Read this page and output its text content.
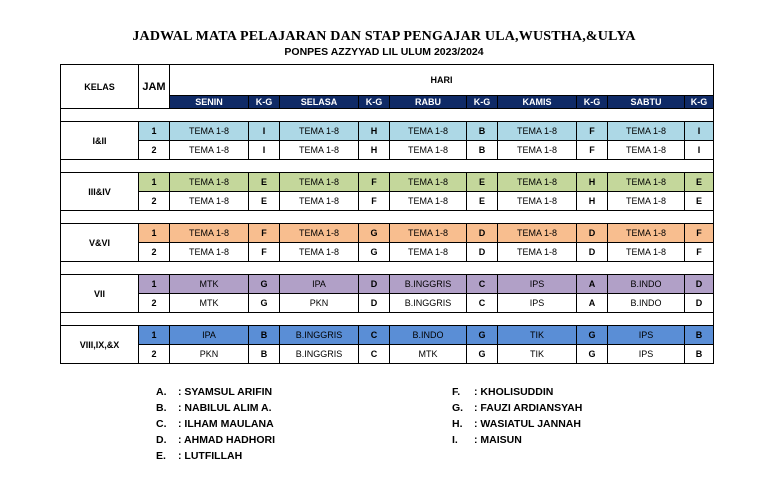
JADWAL MATA PELAJARAN DAN STAP PENGAJAR ULA,WUSTHA,&ULYA
PONPES AZZYYAD LIL ULUM 2023/2024
KELAS	JAM	HARI									
		SENIN	K-G	SELASA	K-G	RABU	K-G	KAMIS	K-G	SABTU	K-G

I&II	1	TEMA 1-8	I	TEMA 1-8	H	TEMA 1-8	B	TEMA 1-8	F	TEMA 1-8	I
	2	TEMA 1-8	I	TEMA 1-8	H	TEMA 1-8	B	TEMA 1-8	F	TEMA 1-8	I

III&IV	1	TEMA 1-8	E	TEMA 1-8	F	TEMA 1-8	E	TEMA 1-8	H	TEMA 1-8	E
	2	TEMA 1-8	E	TEMA 1-8	F	TEMA 1-8	E	TEMA 1-8	H	TEMA 1-8	E

V&VI	1	TEMA 1-8	F	TEMA 1-8	G	TEMA 1-8	D	TEMA 1-8	D	TEMA 1-8	F
	2	TEMA 1-8	F	TEMA 1-8	G	TEMA 1-8	D	TEMA 1-8	D	TEMA 1-8	F

VII	1	MTK	G	IPA	D	B.INGGRIS	C	IPS	A	B.INDO	D
	2	MTK	G	PKN	D	B.INGGRIS	C	IPS	A	B.INDO	D

VIII,IX,&X	1	IPA	B	B.INGGRIS	C	B.INDO	G	TIK	G	IPS	B
	2	PKN	B	B.INGGRIS	C	MTK	G	TIK	G	IPS	B
A. : SYAMSUL ARIFIN
B. : NABILUL ALIM A.
C. : ILHAM MAULANA
D. : AHMAD HADHORI
E. : LUTFILLAH
F. : KHOLISUDDIN
G. : FAUZI ARDIANSYAH
H. : WASIATUL JANNAH
I. : MAISUN
